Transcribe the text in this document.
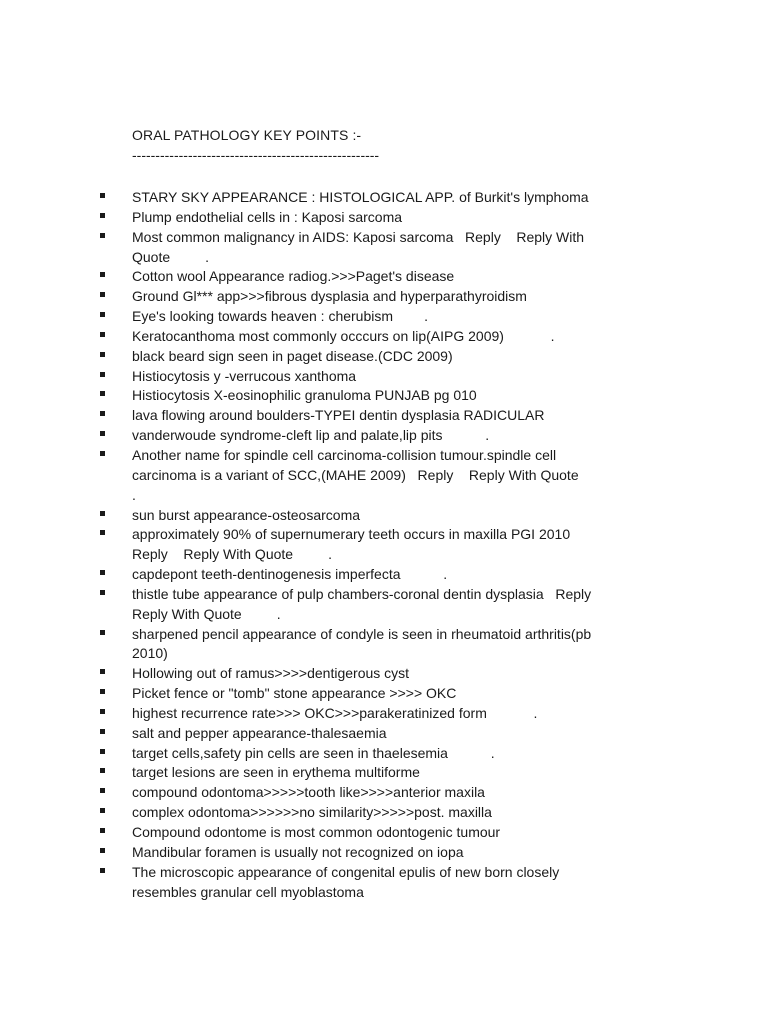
ORAL PATHOLOGY KEY POINTS :-
-----------------------------------------------------
STARY SKY APPEARANCE : HISTOLOGICAL APP. of Burkit's lymphoma
Plump endothelial cells in : Kaposi sarcoma
Most common malignancy in AIDS: Kaposi sarcoma   Reply    Reply With
Quote         .
Cotton wool Appearance radiog.>>>Paget's disease
Ground Gl*** app>>>fibrous dysplasia and hyperparathyroidism
Eye's looking towards heaven : cherubism        .
Keratocanthoma most commonly occcurs on lip(AIPG 2009)            .
black beard sign seen in paget disease.(CDC 2009)
Histiocytosis y -verrucous xanthoma
Histiocytosis X-eosinophilic granuloma PUNJAB pg 010
lava flowing around boulders-TYPEI dentin dysplasia RADICULAR
vanderwoude syndrome-cleft lip and palate,lip pits           .
Another name for spindle cell carcinoma-collision tumour.spindle cell
carcinoma is a variant of SCC,(MAHE 2009)   Reply    Reply With Quote
.
sun burst appearance-osteosarcoma
approximately 90% of supernumerary teeth occurs in maxilla PGI 2010
Reply    Reply With Quote         .
capdepont teeth-dentinogenesis imperfecta           .
thistle tube appearance of pulp chambers-coronal dentin dysplasia   Reply
Reply With Quote         .
sharpened pencil appearance of condyle is seen in rheumatoid arthritis(pb
2010)
Hollowing out of ramus>>>>dentigerous cyst
Picket fence or "tomb" stone appearance >>>> OKC
highest recurrence rate>>> OKC>>>parakeratinized form            .
salt and pepper appearance-thalesaemia
target cells,safety pin cells are seen in thaelesemia           .
target lesions are seen in erythema multiforme
compound odontoma>>>>>tooth like>>>>anterior maxila
complex odontoma>>>>>>no similarity>>>>>post. maxilla
Compound odontome is most common odontogenic tumour
Mandibular foramen is usually not recognized on iopa
The microscopic appearance of congenital epulis of new born closely
resembles granular cell myoblastoma
